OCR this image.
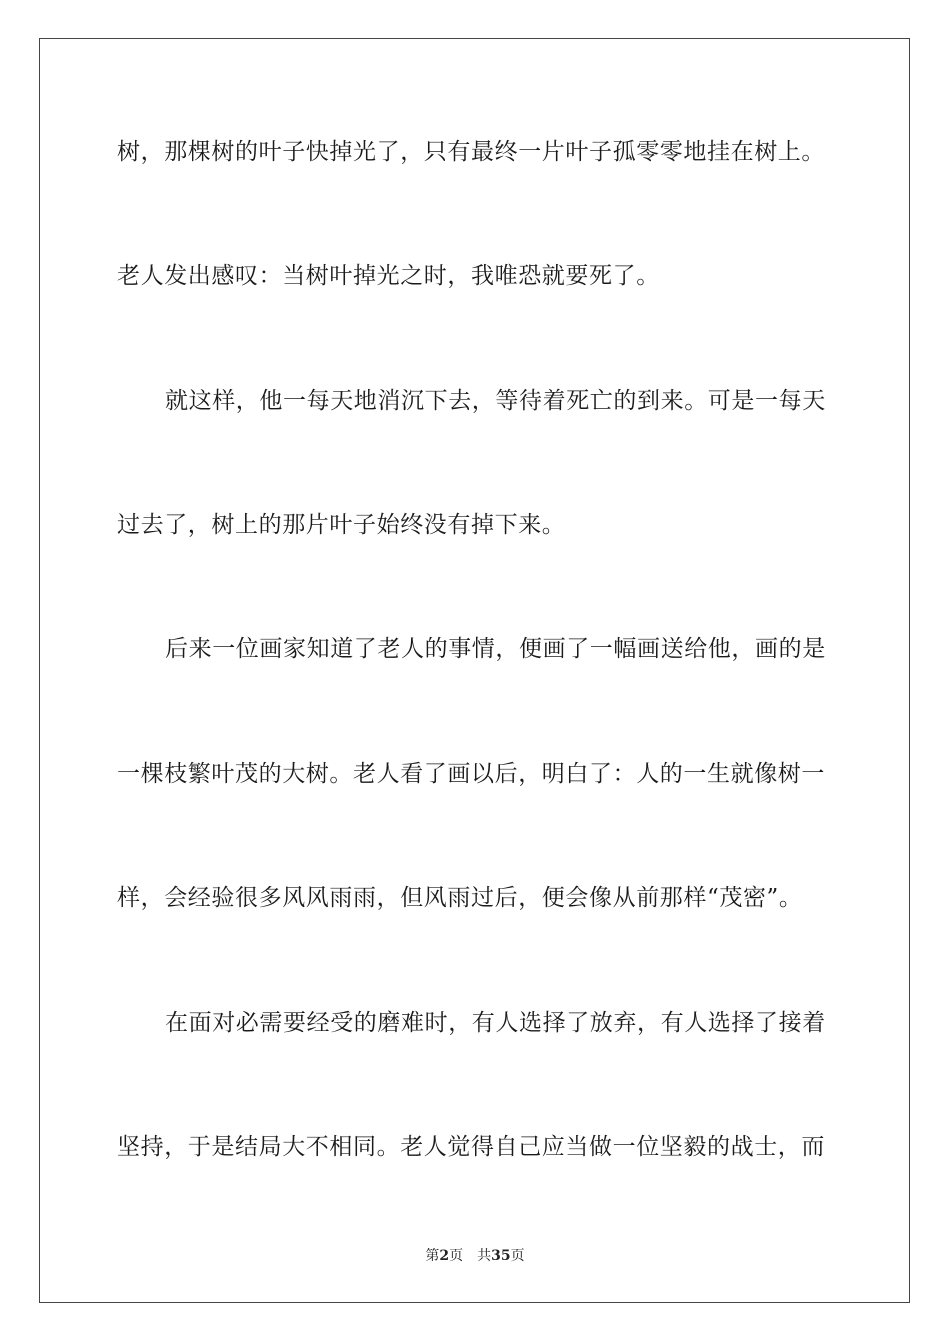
树，那棵树的叶子快掉光了，只有最终一片叶子孤零零地挂在树上。
老人发出感叹：当树叶掉光之时，我唯恐就要死了。
就这样，他一每天地消沉下去，等待着死亡的到来。可是一每天
过去了，树上的那片叶子始终没有掉下来。
后来一位画家知道了老人的事情，便画了一幅画送给他，画的是
一棵枝繁叶茂的大树。老人看了画以后，明白了：人的一生就像树一
样，会经验很多风风雨雨，但风雨过后，便会像从前那样“茂密”。
在面对必需要经受的磨难时，有人选择了放弃，有人选择了接着
坚持，于是结局大不相同。老人觉得自己应当做一位坚毅的战士，而
第2页 共35页
